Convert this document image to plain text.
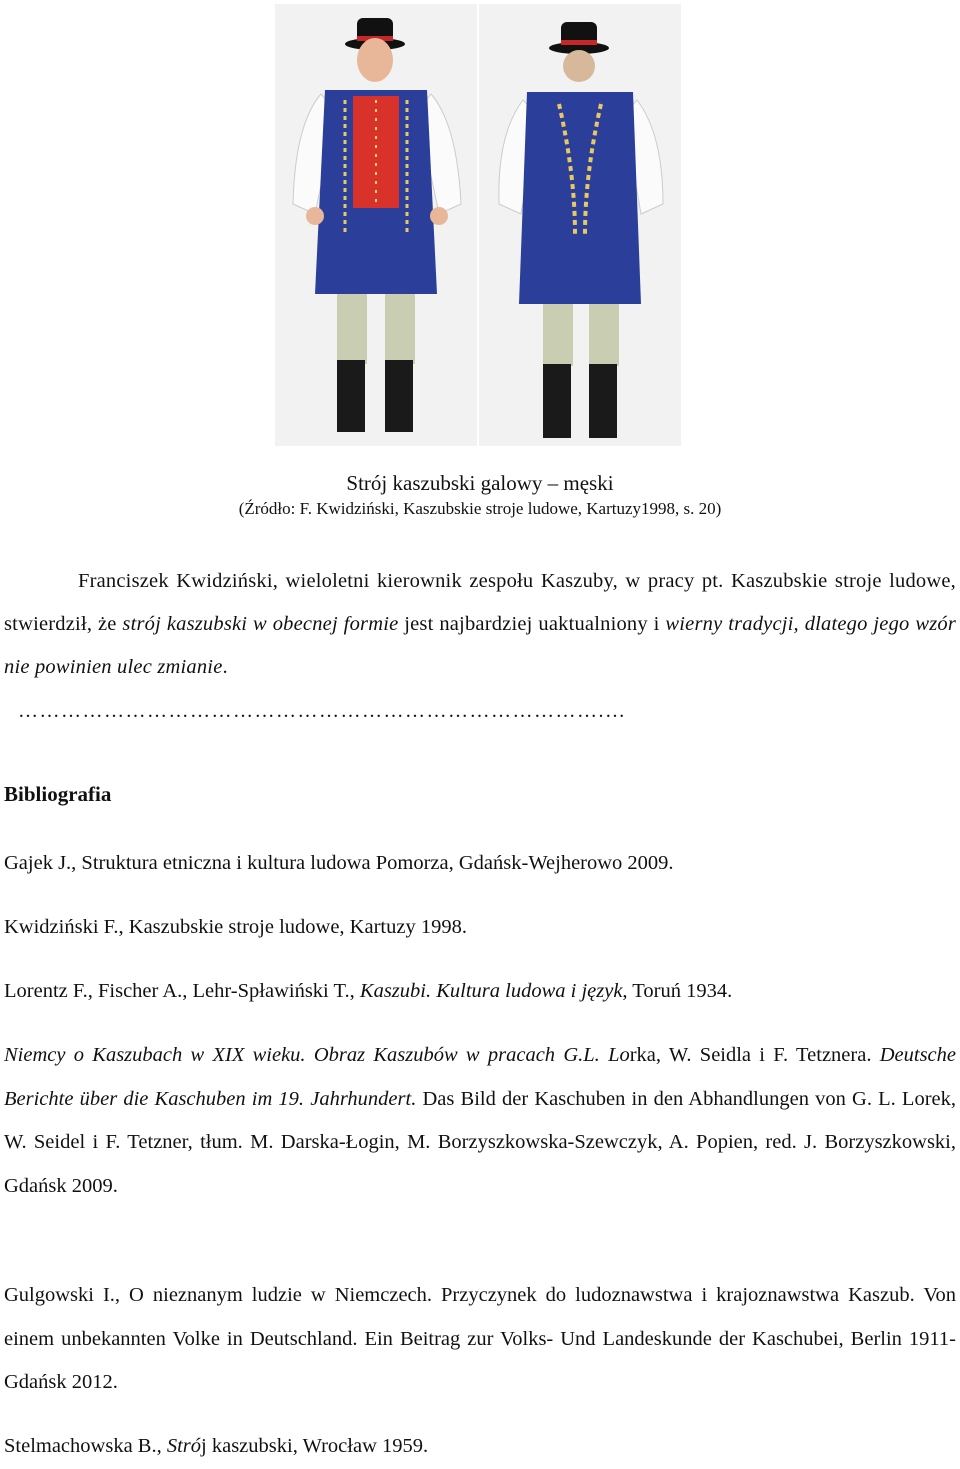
Strój kaszubski galowy – męski
(Źródło: F. Kwidziński, Kaszubskie stroje ludowe, Kartuzy1998, s. 20)

Franciszek Kwidziński, wieloletni kierownik zespołu Kaszuby, w pracy pt. Kaszubskie stroje ludowe, stwierdził, że strój kaszubski w obecnej formie jest najbardziej uaktualniony i wierny tradycji, dlatego jego wzór nie powinien ulec zmianie.

……………………………………………………………………….…
Bibliografia
Gajek J., Struktura etniczna i kultura ludowa Pomorza, Gdańsk-Wejherowo 2009.
Kwidziński F., Kaszubskie stroje ludowe, Kartuzy 1998.
Lorentz F., Fischer A., Lehr-Spławiński T., Kaszubi. Kultura ludowa i język, Toruń 1934.
Niemcy o Kaszubach w XIX wieku. Obraz Kaszubów w pracach G.L. Lorka, W. Seidla i F. Tetznera. Deutsche Berichte über die Kaschuben im 19. Jahrhundert. Das Bild der Kaschuben in den Abhandlungen von G. L. Lorek, W. Seidel i F. Tetzner, tłum. M. Darska-Łogin, M. Borzyszkowska-Szewczyk, A. Popien, red. J. Borzyszkowski, Gdańsk 2009.
Gulgowski I., O nieznanym ludzie w Niemczech. Przyczynek do ludoznawstwa i krajoznawstwa Kaszub. Von einem unbekannten Volke in Deutschland. Ein Beitrag zur Volks- Und Landeskunde der Kaschubei, Berlin 1911-Gdańsk 2012.
Stelmachowska B., Strój kaszubski, Wrocław 1959.
